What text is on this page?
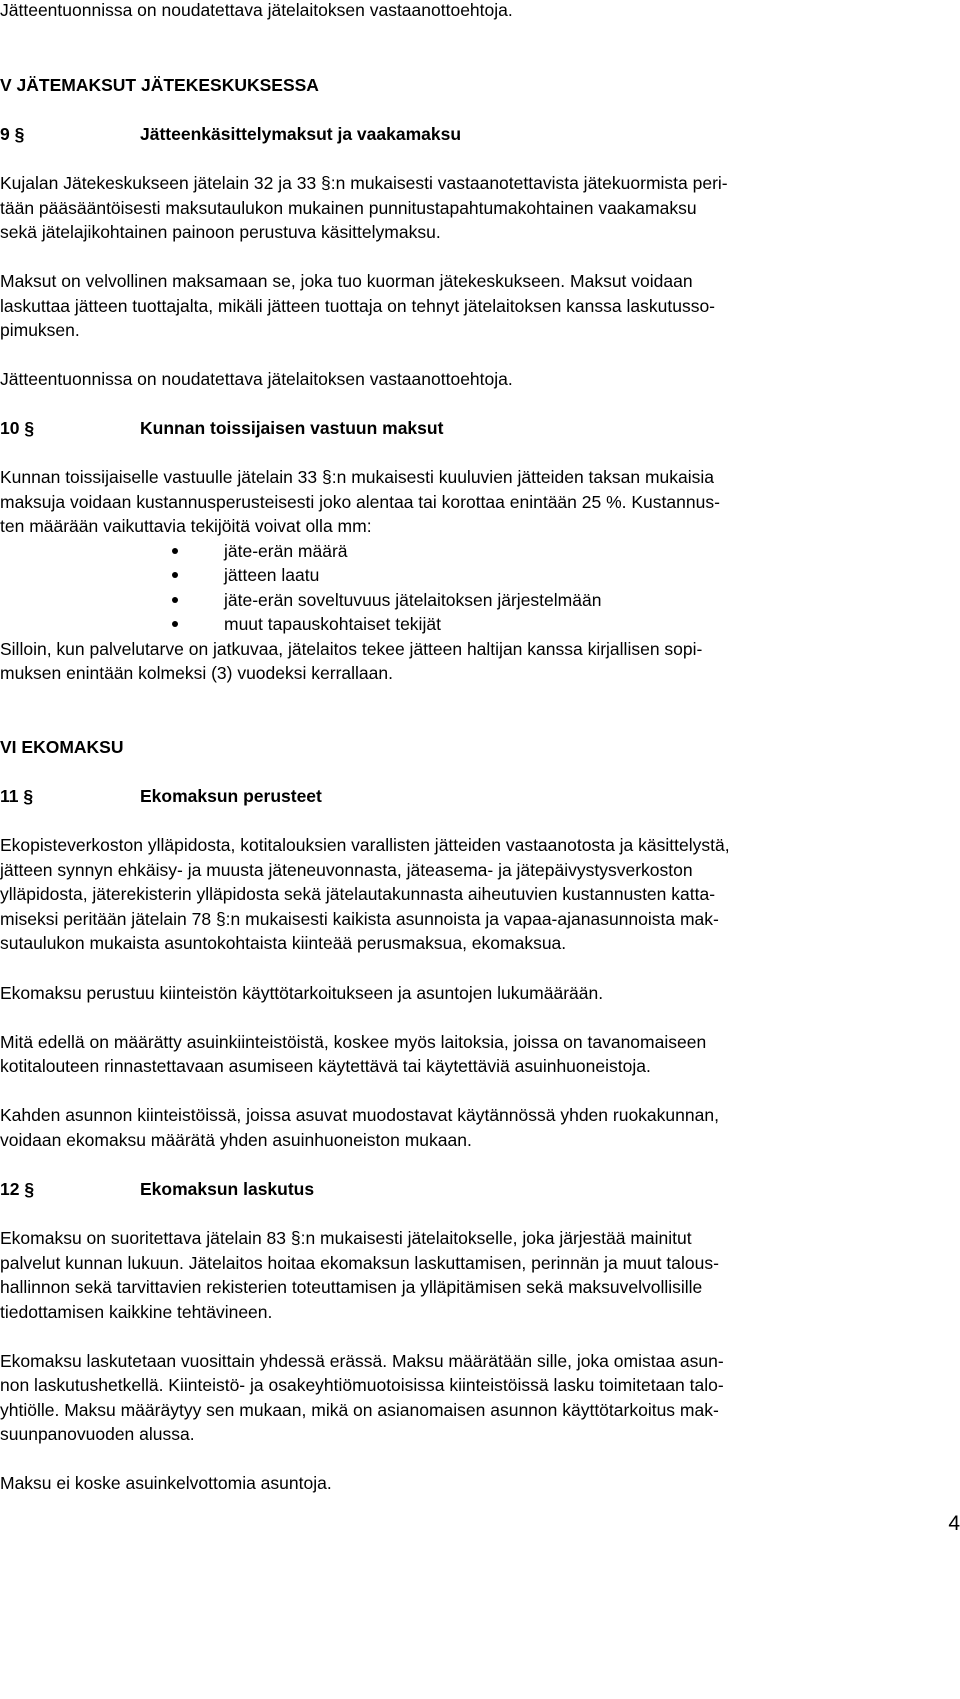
Jätteentuonnissa on noudatettava jätelaitoksen vastaanottoehtoja.
V JÄTEMAKSUT JÄTEKESKUKSESSA
9 §	Jätteenkäsittelymaksut ja vaakamaksu
Kujalan Jätekeskukseen jätelain 32 ja 33 §:n mukaisesti vastaanotettavista jätekuormista peri-
tään pääsääntöisesti maksutaulukon mukainen punnitustapahtumakohtainen vaakamaksu
sekä jätelajikohtainen painoon perustuva käsittelymaksu.
Maksut on velvollinen maksamaan se, joka tuo kuorman jätekeskukseen. Maksut voidaan
laskuttaa jätteen tuottajalta, mikäli jätteen tuottaja on tehnyt jätelaitoksen kanssa laskutusso-
pimuksen.
Jätteentuonnissa on noudatettava jätelaitoksen vastaanottoehtoja.
10 §	Kunnan toissijaisen vastuun maksut
Kunnan toissijaiselle vastuulle jätelain 33 §:n mukaisesti kuuluvien jätteiden taksan mukaisia
maksuja voidaan kustannusperusteisesti joko alentaa tai korottaa enintään 25 %. Kustannus-
ten määrään vaikuttavia tekijöitä voivat olla mm:
jäte-erän määrä
jätteen laatu
jäte-erän soveltuvuus jätelaitoksen järjestelmään
muut tapauskohtaiset tekijät
Silloin, kun palvelutarve on jatkuvaa, jätelaitos tekee jätteen haltijan kanssa kirjallisen sopi-
muksen enintään kolmeksi (3) vuodeksi kerrallaan.
VI EKOMAKSU
11 §	Ekomaksun perusteet
Ekopisteverkoston ylläpidosta, kotitalouksien varallisten jätteiden vastaanotosta ja käsittelystä,
jätteen synnyn ehkäisy- ja muusta jäteneuvonnasta, jäteasema- ja jätepäivystysverkoston
ylläpidosta, jäterekisterin ylläpidosta sekä jätelautakunnasta aiheutuvien kustannusten katta-
miseksi peritään jätelain 78 §:n mukaisesti kaikista asunnoista ja vapaa-ajanasunnoista mak-
sutaulukon mukaista asuntokohtaista kiinteää perusmaksua, ekomaksua.
Ekomaksu perustuu kiinteistön käyttötarkoitukseen ja asuntojen lukumäärään.
Mitä edellä on määrätty asuinkiinteistöistä, koskee myös laitoksia, joissa on tavanomaiseen
kotitalouteen rinnastettavaan asumiseen käytettävä tai käytettäviä asuinhuoneistoja.
Kahden asunnon kiinteistöissä, joissa asuvat muodostavat käytännössä yhden ruokakunnan,
voidaan ekomaksu määrätä yhden asuinhuoneiston mukaan.
12 §	Ekomaksun laskutus
Ekomaksu on suoritettava jätelain 83 §:n mukaisesti jätelaitokselle, joka järjestää mainitut
palvelut kunnan lukuun. Jätelaitos hoitaa ekomaksun laskuttamisen, perinnän ja muut talous-
hallinnon sekä tarvittavien rekisterien toteuttamisen ja ylläpitämisen sekä maksuvelvollisille
tiedottamisen kaikkine tehtävineen.
Ekomaksu laskutetaan vuosittain yhdessä erässä. Maksu määrätään sille, joka omistaa asun-
non laskutushetkellä. Kiinteistö- ja osakeyhtiömuotoisissa kiinteistöissä lasku toimitetaan talo-
yhtiölle. Maksu määräytyy sen mukaan, mikä on asianomaisen asunnon käyttötarkoitus mak-
suunpanovuoden alussa.
Maksu ei koske asuinkelvottomia asuntoja.
4
